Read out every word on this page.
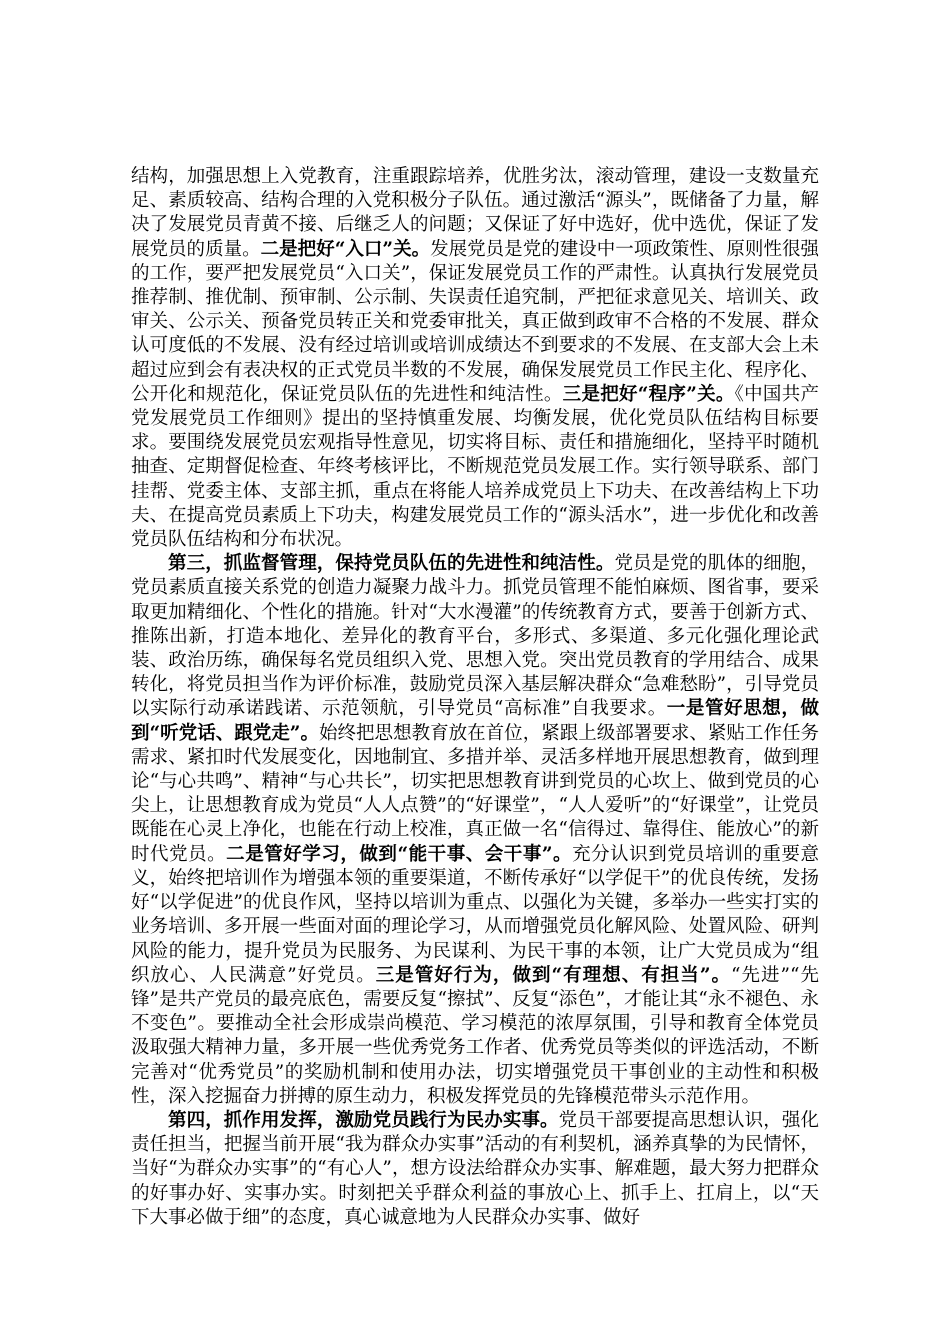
结构，加强思想上入党教育，注重跟踪培养，优胜劣汰，滚动管理，建设一支数量充足、素质较高、结构合理的入党积极分子队伍。通过激活“源头”，既储备了力量，解决了发展党员青黄不接、后继乏人的问题；又保证了好中选好，优中选优，保证了发展党员的质量。二是把好“入口”关。发展党员是党的建设中一项政策性、原则性很强的工作，要严把发展党员“入口关”，保证发展党员工作的严肃性。认真执行发展党员推荐制、推优制、预审制、公示制、失误责任追究制，严把征求意见关、培训关、政审关、公示关、预备党员转正关和党委审批关，真正做到政审不合格的不发展、群众认可度低的不发展、没有经过培训或培训成绩达不到要求的不发展、在支部大会上未超过应到会有表决权的正式党员半数的不发展，确保发展党员工作民主化、程序化、公开化和规范化，保证党员队伍的先进性和纯洁性。三是把好“程序”关。《中国共产党发展党员工作细则》提出的坚持慎重发展、均衡发展，优化党员队伍结构目标要求。要围绕发展党员宏观指导性意见，切实将目标、责任和措施细化，坚持平时随机抽查、定期督促检查、年终考核评比，不断规范党员发展工作。实行领导联系、部门挂帮、党委主体、支部主抓，重点在将能人培养成党员上下功夫、在改善结构上下功夫、在提高党员素质上下功夫，构建发展党员工作的“源头活水”，进一步优化和改善党员队伍结构和分布状况。

第三，抓监督管理，保持党员队伍的先进性和纯洁性。党员是党的肌体的细胞，党员素质直接关系党的创造力凝聚力战斗力。抓党员管理不能怕麻烦、图省事，要采取更加精细化、个性化的措施。针对“大水漫灌”的传统教育方式，要善于创新方式、推陈出新，打造本地化、差异化的教育平台，多形式、多渠道、多元化强化理论武装、政治历练，确保每名党员组织入党、思想入党。突出党员教育的学用结合、成果转化，将党员担当作为评价标准，鼓励党员深入基层解决群众“急难愁盼”，引导党员以实际行动承诺践诺、示范领航，引导党员“高标准”自我要求。一是管好思想，做到“听党话、跟党走”。始终把思想教育放在首位，紧跟上级部署要求、紧贴工作任务需求、紧扣时代发展变化，因地制宜、多措并举、灵活多样地开展思想教育，做到理论“与心共鸣”、精神“与心共长”，切实把思想教育讲到党员的心坎上、做到党员的心尖上，让思想教育成为党员“人人点赞”的“好课堂”，“人人爱听”的“好课堂”，让党员既能在心灵上净化，也能在行动上校准，真正做一名“信得过、靠得住、能放心”的新时代党员。二是管好学习，做到“能干事、会干事”。充分认识到党员培训的重要意义，始终把培训作为增强本领的重要渠道，不断传承好“以学促干”的优良传统，发扬好“以学促进”的优良作风，坚持以培训为重点、以强化为关键，多举办一些实打实的业务培训、多开展一些面对面的理论学习，从而增强党员化解风险、处置风险、研判风险的能力，提升党员为民服务、为民谋利、为民干事的本领，让广大党员成为“组织放心、人民满意”好党员。三是管好行为，做到“有理想、有担当”。“先进”“先锋”是共产党员的最亮底色，需要反复“擦拭”、反复“添色”，才能让其“永不褪色、永不变色”。要推动全社会形成崇尚模范、学习模范的浓厚氛围，引导和教育全体党员汲取强大精神力量，多开展一些优秀党务工作者、优秀党员等类似的评选活动，不断完善对“优秀党员”的奖励机制和使用办法，切实增强党员干事创业的主动性和积极性，深入挖掘奋力拼搏的原生动力，积极发挥党员的先锋模范带头示范作用。

第四，抓作用发挥，激励党员践行为民办实事。党员干部要提高思想认识，强化责任担当，把握当前开展“我为群众办实事”活动的有利契机，涵养真挚的为民情怀，当好“为群众办实事”的“有心人”，想方设法给群众办实事、解难题，最大努力把群众的好事办好、实事办实。时刻把关乎群众利益的事放心上、抓手上、扛肩上，以“天下大事必做于细”的态度，真心诚意地为人民群众办实事、做好
